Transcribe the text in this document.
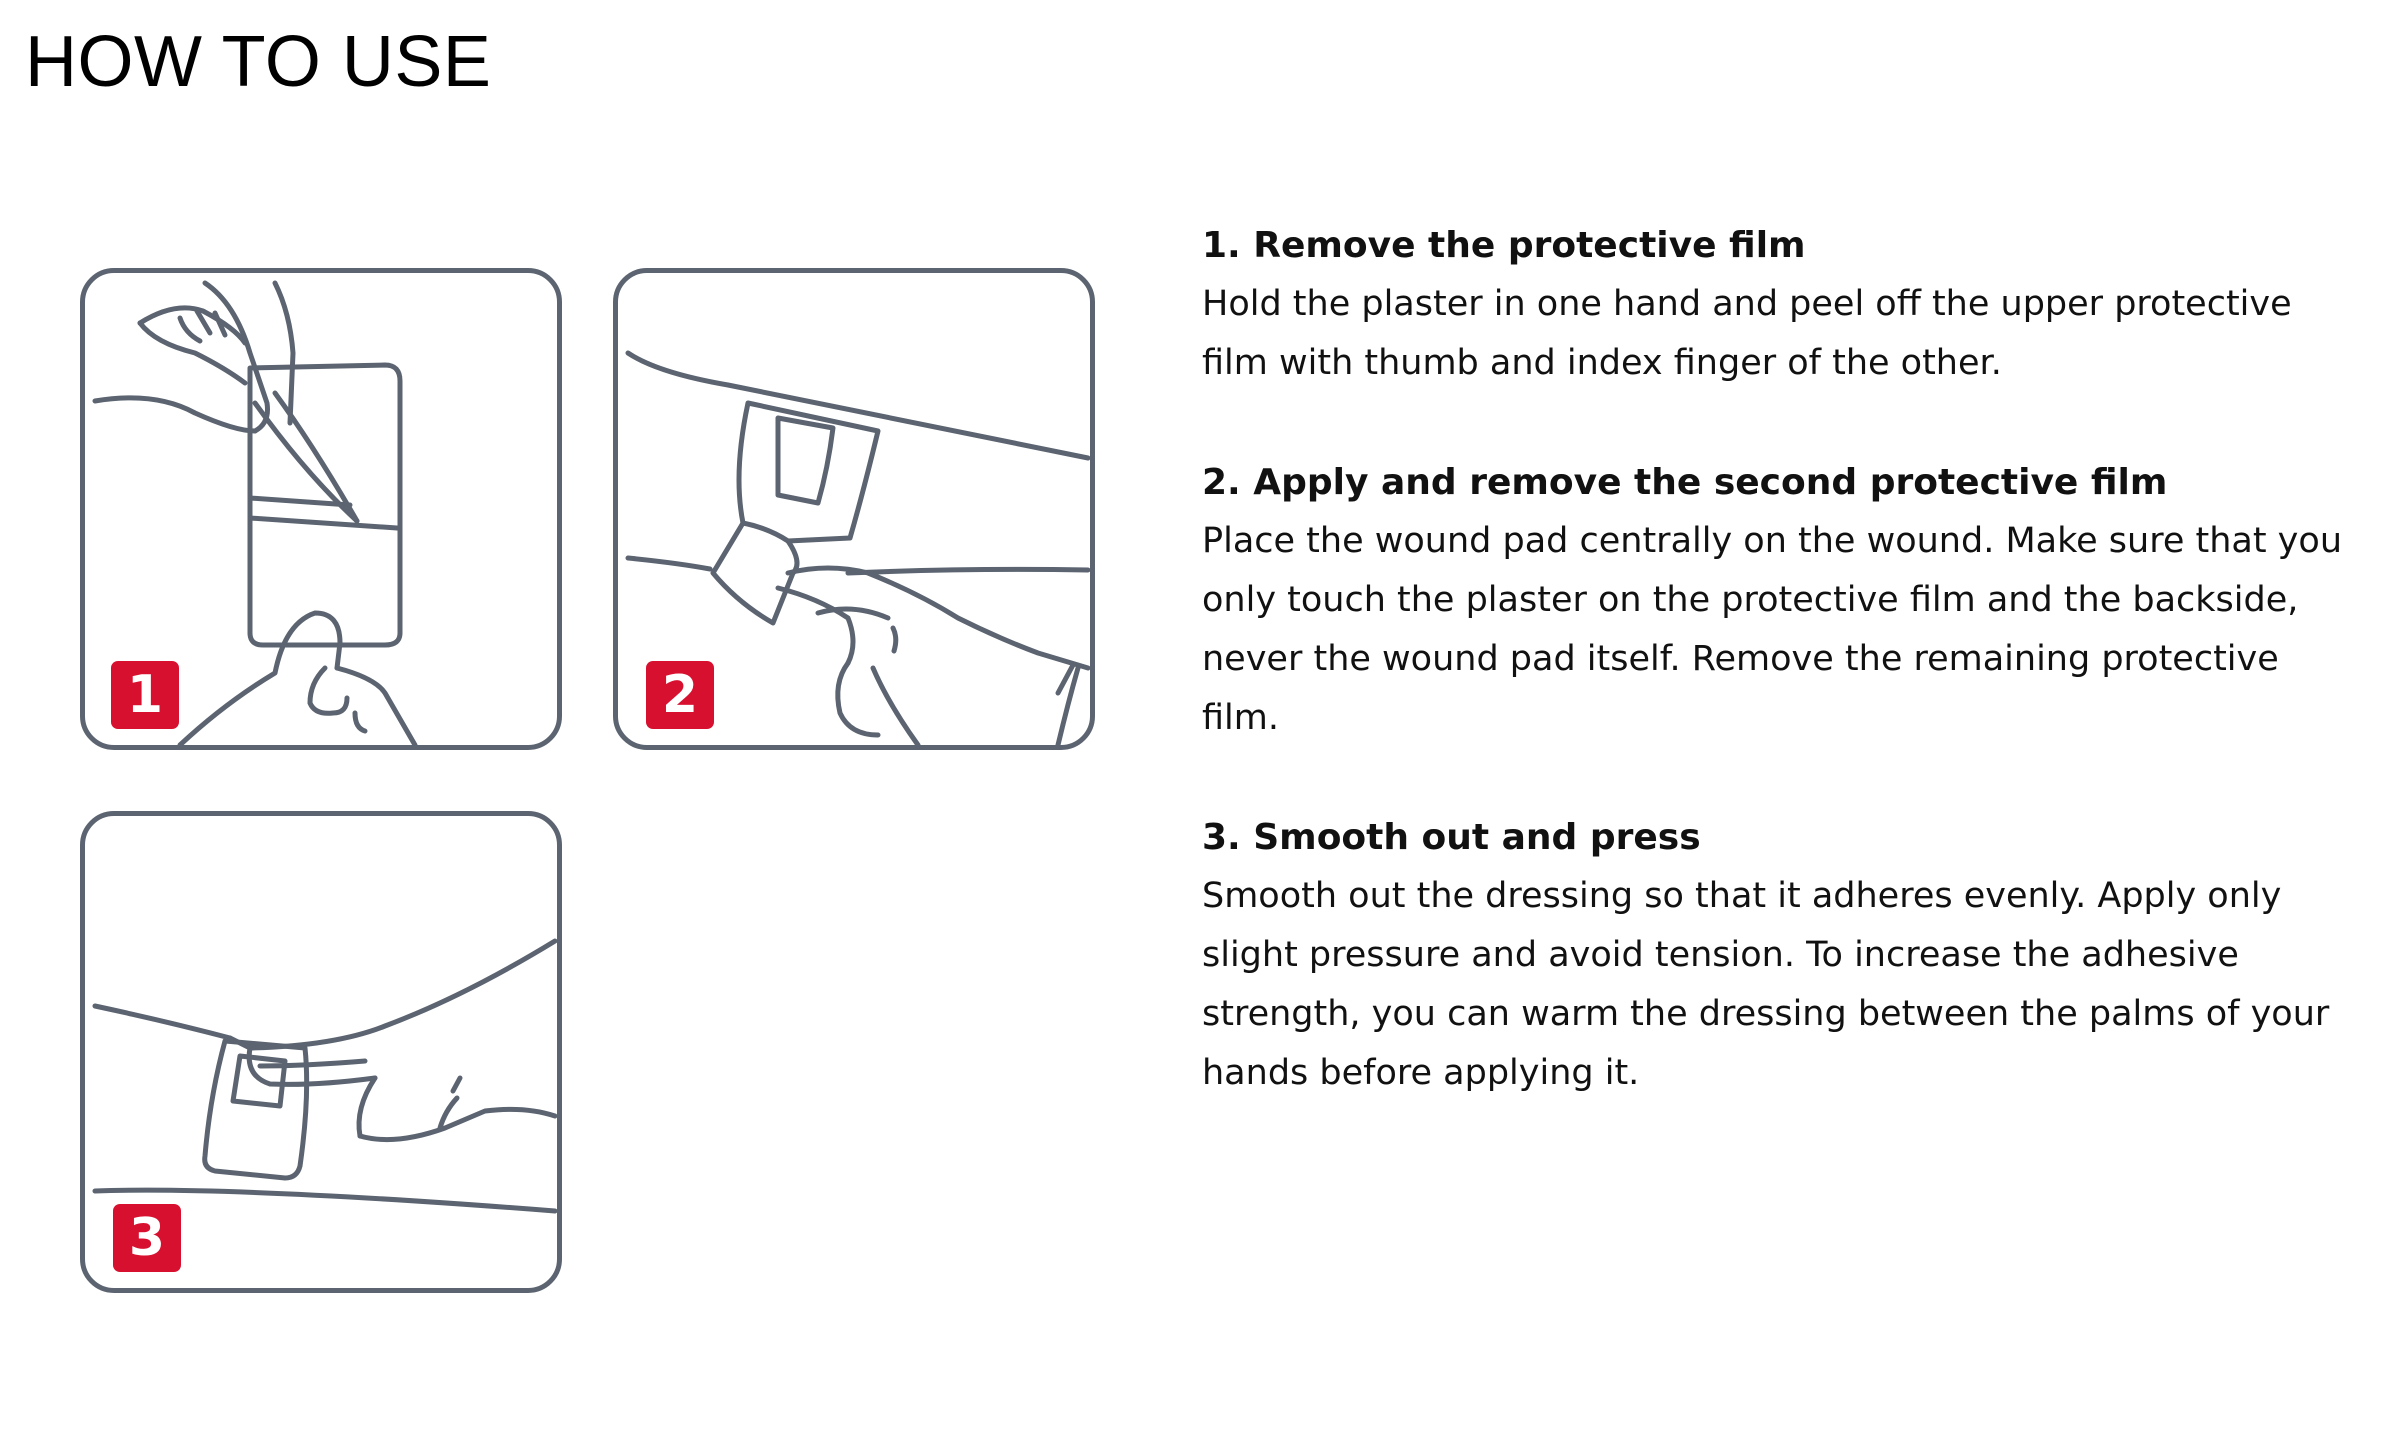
HOW TO USE
1	2
3
1. Remove the protective film

Hold the plaster in one hand and peel off the upper protective film with thumb and index finger of the other.

2. Apply and remove the second protective film

Place the wound pad centrally on the wound. Make sure that you only touch the plaster on the protective film and the backside, never the wound pad itself. Remove the remaining protective film.

3. Smooth out and press

Smooth out the dressing so that it adheres evenly. Apply only slight pressure and avoid tension. To increase the adhesive strength, you can warm the dressing between the palms of your hands before applying it.
